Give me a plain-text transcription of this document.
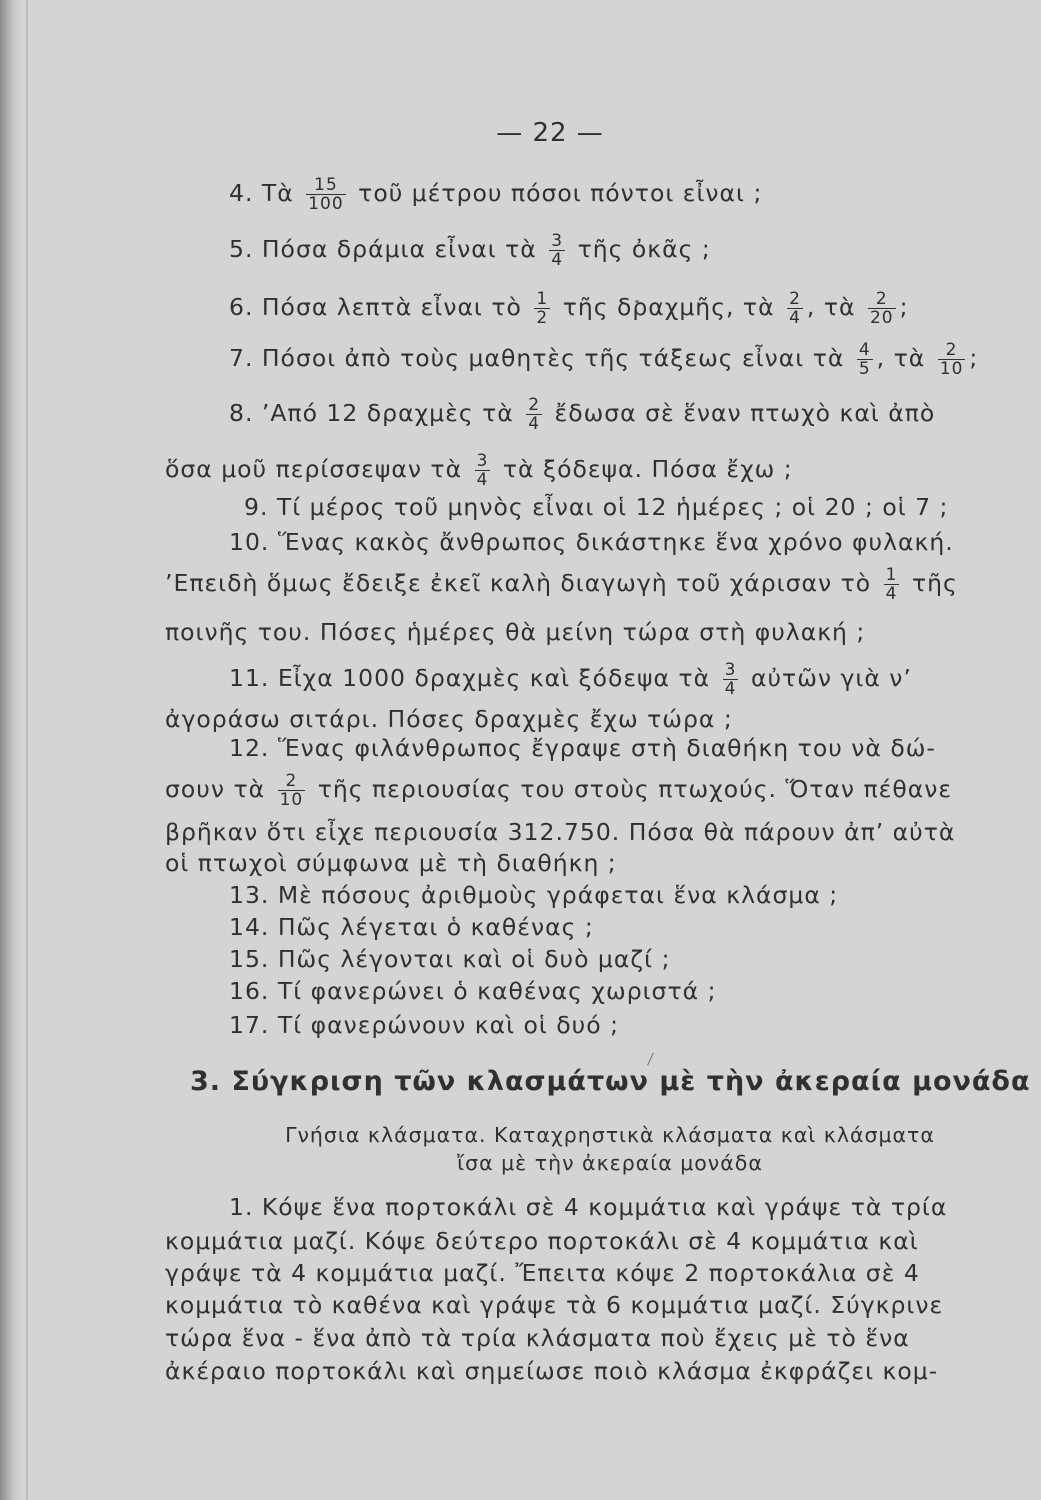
— 22 —
4. Τὰ $\frac{15}{100}$ τοῦ μέτρου πόσοι πόντοι εἶναι ;
5. Πόσα δράμια εἶναι τὰ $\frac{3}{4}$ τῆς ὀκᾶς ;
6. Πόσα λεπτὰ εἶναι τὸ $\frac{1}{2}$ τῆς δραχμῆς, τὰ $\frac{2}{4}$ , τὰ $\frac{2}{20}$ ;
7. Πόσοι ἀπὸ τοὺς μαθητὲς τῆς τάξεως εἶναι τὰ $\frac{4}{5}$ , τὰ $\frac{2}{10}$ ;
8. ’Από 12 δραχμὲς τὰ $\frac{2}{4}$ ἔδωσα σὲ ἕναν πτωχὸ καὶ ἀπὸ
ὅσα μοῦ περίσσεψαν τὰ $\frac{3}{4}$ τὰ ξόδεψα. Πόσα ἔχω ;
9. Τί μέρος τοῦ μηνὸς εἶναι οἱ 12 ἡμέρες ; οἱ 20 ; οἱ 7 ;
10. Ἕνας κακὸς ἄνθρωπος δικάστηκε ἕνα χρόνο φυλακή.
’Επειδὴ ὅμως ἔδειξε ἐκεῖ καλὴ διαγωγὴ τοῦ χάρισαν τὸ $\frac{1}{4}$ τῆς
ποινῆς του. Πόσες ἡμέρες θὰ μείνη τώρα στὴ φυλακή ;
11. Εἶχα 1000 δραχμὲς καὶ ξόδεψα τὰ $\frac{3}{4}$ αὐτῶν γιὰ ν’
ἀγοράσω σιτάρι. Πόσες δραχμὲς ἔχω τώρα ;
12. Ἕνας φιλάνθρωπος ἔγραψε στὴ διαθήκη του νὰ δώ-
σουν τὰ $\frac{2}{10}$ τῆς περιουσίας του στοὺς πτωχούς. Ὅταν πέθανε
βρῆκαν ὅτι εἶχε περιουσία 312.750. Πόσα θὰ πάρουν ἀπ’ αὐτὰ
οἱ πτωχοὶ σύμφωνα μὲ τὴ διαθήκη ;
13. Μὲ πόσους ἀριθμοὺς γράφεται ἕνα κλάσμα ;
14. Πῶς λέγεται ὁ καθένας ;
15. Πῶς λέγονται καὶ οἱ δυὸ μαζί ;
16. Τί φανερώνει ὁ καθένας χωριστά ;
17. Τί φανερώνουν καὶ οἱ δυό ;
3. Σύγκριση τῶν κλασμάτων μὲ τὴν ἀκεραία μονάδα
Γνήσια κλάσματα. Καταχρηστικὰ κλάσματα καὶ κλάσματα
ἴσα μὲ τὴν ἀκεραία μονάδα
1. Κόψε ἕνα πορτοκάλι σὲ 4 κομμάτια καὶ γράψε τὰ τρία
κομμάτια μαζί. Κόψε δεύτερο πορτοκάλι σὲ 4 κομμάτια καὶ
γράψε τὰ 4 κομμάτια μαζί. Ἔπειτα κόψε 2 πορτοκάλια σὲ 4
κομμάτια τὸ καθένα καὶ γράψε τὰ 6 κομμάτια μαζί. Σύγκρινε
τώρα ἕνα - ἕνα ἀπὸ τὰ τρία κλάσματα ποὺ ἔχεις μὲ τὸ ἕνα
ἀκέραιο πορτοκάλι καὶ σημείωσε ποιὸ κλάσμα ἐκφράζει κομ-
